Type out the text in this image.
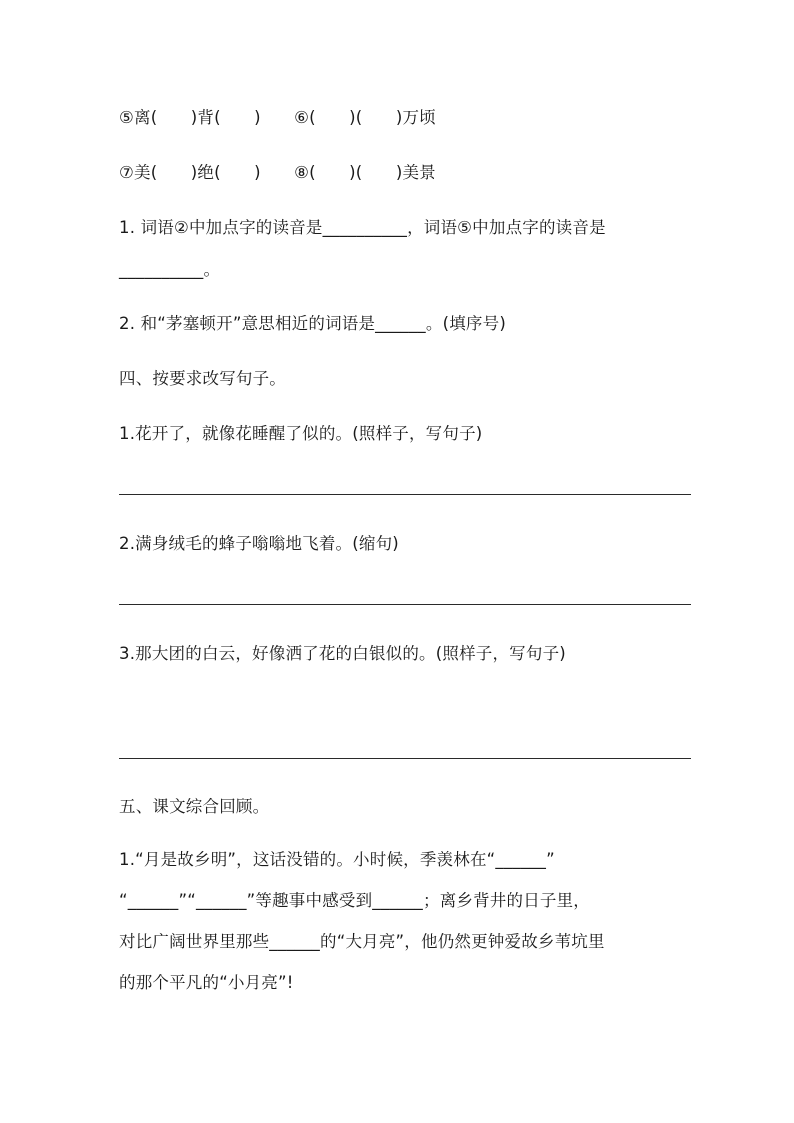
⑤离(　　)背(　　)　　⑥(　　)(　　)万顷
⑦美(　　)绝(　　)　　⑧(　　)(　　)美景
1. 词语②中加点字的读音是__________，词语⑤中加点字的读音是
__________。
2. 和“茅塞顿开”意思相近的词语是______。(填序号)
四、按要求改写句子。
1.花开了，就像花睡醒了似的。(照样子，写句子)
2.满身绒毛的蜂子嗡嗡地飞着。(缩句)
3.那大团的白云，好像洒了花的白银似的。(照样子，写句子)
五、课文综合回顾。
1.“月是故乡明”，这话没错的。小时候，季羡林在“______”
“______”“______”等趣事中感受到______；离乡背井的日子里，
对比广阔世界里那些______的“大月亮”，他仍然更钟爱故乡苇坑里
的那个平凡的“小月亮”!
